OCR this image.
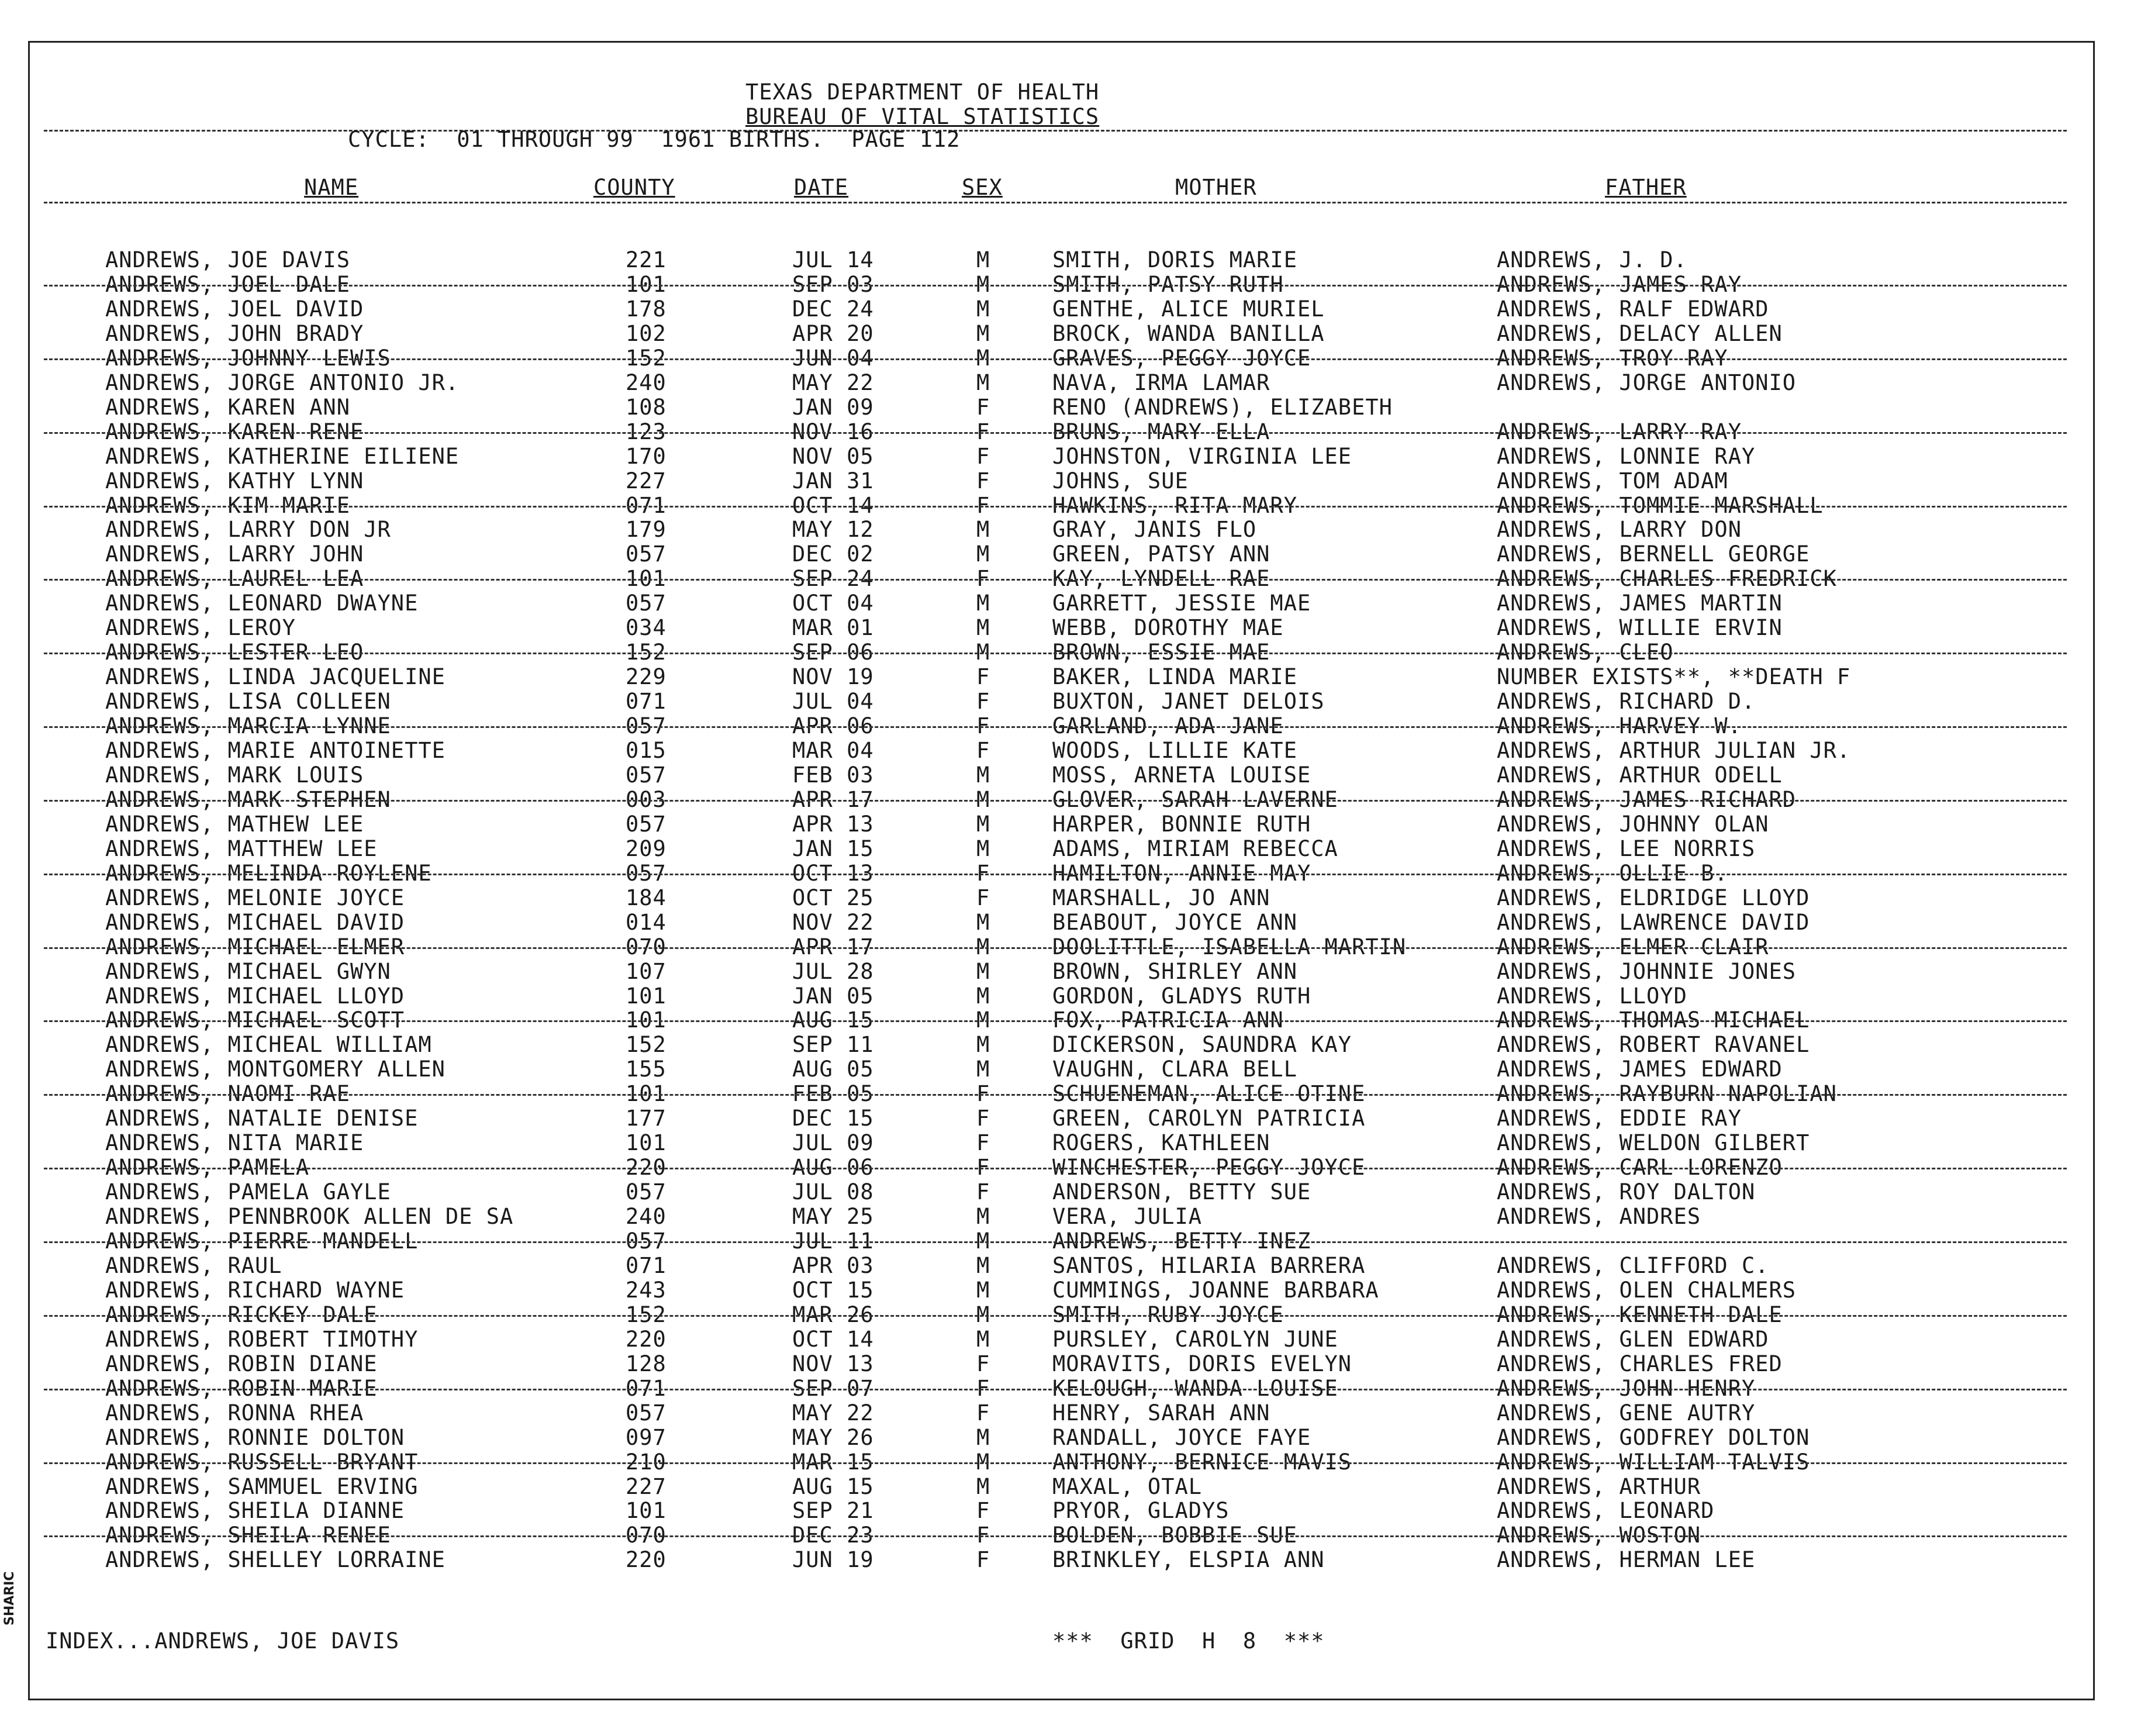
TEXAS DEPARTMENT OF HEALTH
BUREAU OF VITAL STATISTICS
CYCLE:  01 THROUGH 99  1961 BIRTHS.  PAGE 112
NAME	COUNTY	DATE	SEX	MOTHER	FATHER
ANDREWS, JOE DAVIS	221	JUL 14	M	SMITH, DORIS MARIE	ANDREWS, J. D.
ANDREWS, JOEL DALE	101	SEP 03	M	SMITH, PATSY RUTH	ANDREWS, JAMES RAY
ANDREWS, JOEL DAVID	178	DEC 24	M	GENTHE, ALICE MURIEL	ANDREWS, RALF EDWARD
ANDREWS, JOHN BRADY	102	APR 20	M	BROCK, WANDA BANILLA	ANDREWS, DELACY ALLEN
ANDREWS, JOHNNY LEWIS	152	JUN 04	M	GRAVES, PEGGY JOYCE	ANDREWS, TROY RAY
ANDREWS, JORGE ANTONIO JR.	240	MAY 22	M	NAVA, IRMA LAMAR	ANDREWS, JORGE ANTONIO
ANDREWS, KAREN ANN	108	JAN 09	F	RENO (ANDREWS), ELIZABETH
ANDREWS, KAREN RENE	123	NOV 16	F	BRUNS, MARY ELLA	ANDREWS, LARRY RAY
ANDREWS, KATHERINE EILIENE	170	NOV 05	F	JOHNSTON, VIRGINIA LEE	ANDREWS, LONNIE RAY
ANDREWS, KATHY LYNN	227	JAN 31	F	JOHNS, SUE	ANDREWS, TOM ADAM
ANDREWS, KIM MARIE	071	OCT 14	F	HAWKINS, RITA MARY	ANDREWS, TOMMIE MARSHALL
ANDREWS, LARRY DON JR	179	MAY 12	M	GRAY, JANIS FLO	ANDREWS, LARRY DON
ANDREWS, LARRY JOHN	057	DEC 02	M	GREEN, PATSY ANN	ANDREWS, BERNELL GEORGE
ANDREWS, LAUREL LEA	101	SEP 24	F	KAY, LYNDELL RAE	ANDREWS, CHARLES FREDRICK
ANDREWS, LEONARD DWAYNE	057	OCT 04	M	GARRETT, JESSIE MAE	ANDREWS, JAMES MARTIN
ANDREWS, LEROY	034	MAR 01	M	WEBB, DOROTHY MAE	ANDREWS, WILLIE ERVIN
ANDREWS, LESTER LEO	152	SEP 06	M	BROWN, ESSIE MAE	ANDREWS, CLEO
ANDREWS, LINDA JACQUELINE	229	NOV 19	F	BAKER, LINDA MARIE	NUMBER EXISTS**, **DEATH F
ANDREWS, LISA COLLEEN	071	JUL 04	F	BUXTON, JANET DELOIS	ANDREWS, RICHARD D.
ANDREWS, MARCIA LYNNE	057	APR 06	F	GARLAND, ADA JANE	ANDREWS, HARVEY W.
ANDREWS, MARIE ANTOINETTE	015	MAR 04	F	WOODS, LILLIE KATE	ANDREWS, ARTHUR JULIAN JR.
ANDREWS, MARK LOUIS	057	FEB 03	M	MOSS, ARNETA LOUISE	ANDREWS, ARTHUR ODELL
ANDREWS, MARK STEPHEN	003	APR 17	M	GLOVER, SARAH LAVERNE	ANDREWS, JAMES RICHARD
ANDREWS, MATHEW LEE	057	APR 13	M	HARPER, BONNIE RUTH	ANDREWS, JOHNNY OLAN
ANDREWS, MATTHEW LEE	209	JAN 15	M	ADAMS, MIRIAM REBECCA	ANDREWS, LEE NORRIS
ANDREWS, MELINDA ROYLENE	057	OCT 13	F	HAMILTON, ANNIE MAY	ANDREWS, OLLIE B.
ANDREWS, MELONIE JOYCE	184	OCT 25	F	MARSHALL, JO ANN	ANDREWS, ELDRIDGE LLOYD
ANDREWS, MICHAEL DAVID	014	NOV 22	M	BEABOUT, JOYCE ANN	ANDREWS, LAWRENCE DAVID
ANDREWS, MICHAEL ELMER	070	APR 17	M	DOOLITTLE, ISABELLA MARTIN	ANDREWS, ELMER CLAIR
ANDREWS, MICHAEL GWYN	107	JUL 28	M	BROWN, SHIRLEY ANN	ANDREWS, JOHNNIE JONES
ANDREWS, MICHAEL LLOYD	101	JAN 05	M	GORDON, GLADYS RUTH	ANDREWS, LLOYD
ANDREWS, MICHAEL SCOTT	101	AUG 15	M	FOX, PATRICIA ANN	ANDREWS, THOMAS MICHAEL
ANDREWS, MICHEAL WILLIAM	152	SEP 11	M	DICKERSON, SAUNDRA KAY	ANDREWS, ROBERT RAVANEL
ANDREWS, MONTGOMERY ALLEN	155	AUG 05	M	VAUGHN, CLARA BELL	ANDREWS, JAMES EDWARD
ANDREWS, NAOMI RAE	101	FEB 05	F	SCHUENEMAN, ALICE OTINE	ANDREWS, RAYBURN NAPOLIAN
ANDREWS, NATALIE DENISE	177	DEC 15	F	GREEN, CAROLYN PATRICIA	ANDREWS, EDDIE RAY
ANDREWS, NITA MARIE	101	JUL 09	F	ROGERS, KATHLEEN	ANDREWS, WELDON GILBERT
ANDREWS, PAMELA	220	AUG 06	F	WINCHESTER, PEGGY JOYCE	ANDREWS, CARL LORENZO
ANDREWS, PAMELA GAYLE	057	JUL 08	F	ANDERSON, BETTY SUE	ANDREWS, ROY DALTON
ANDREWS, PENNBROOK ALLEN DE SA	240	MAY 25	M	VERA, JULIA	ANDREWS, ANDRES
ANDREWS, PIERRE MANDELL	057	JUL 11	M	ANDREWS, BETTY INEZ
ANDREWS, RAUL	071	APR 03	M	SANTOS, HILARIA BARRERA	ANDREWS, CLIFFORD C.
ANDREWS, RICHARD WAYNE	243	OCT 15	M	CUMMINGS, JOANNE BARBARA	ANDREWS, OLEN CHALMERS
ANDREWS, RICKEY DALE	152	MAR 26	M	SMITH, RUBY JOYCE	ANDREWS, KENNETH DALE
ANDREWS, ROBERT TIMOTHY	220	OCT 14	M	PURSLEY, CAROLYN JUNE	ANDREWS, GLEN EDWARD
ANDREWS, ROBIN DIANE	128	NOV 13	F	MORAVITS, DORIS EVELYN	ANDREWS, CHARLES FRED
ANDREWS, ROBIN MARIE	071	SEP 07	F	KELOUGH, WANDA LOUISE	ANDREWS, JOHN HENRY
ANDREWS, RONNA RHEA	057	MAY 22	F	HENRY, SARAH ANN	ANDREWS, GENE AUTRY
ANDREWS, RONNIE DOLTON	097	MAY 26	M	RANDALL, JOYCE FAYE	ANDREWS, GODFREY DOLTON
ANDREWS, RUSSELL BRYANT	210	MAR 15	M	ANTHONY, BERNICE MAVIS	ANDREWS, WILLIAM TALVIS
ANDREWS, SAMMUEL ERVING	227	AUG 15	M	MAXAL, OTAL	ANDREWS, ARTHUR
ANDREWS, SHEILA DIANNE	101	SEP 21	F	PRYOR, GLADYS	ANDREWS, LEONARD
ANDREWS, SHEILA RENEE	070	DEC 23	F	BOLDEN, BOBBIE SUE	ANDREWS, WOSTON
ANDREWS, SHELLEY LORRAINE	220	JUN 19	F	BRINKLEY, ELSPIA ANN	ANDREWS, HERMAN LEE
INDEX...ANDREWS, JOE DAVIS	***  GRID  H  8  ***
SHARIC
